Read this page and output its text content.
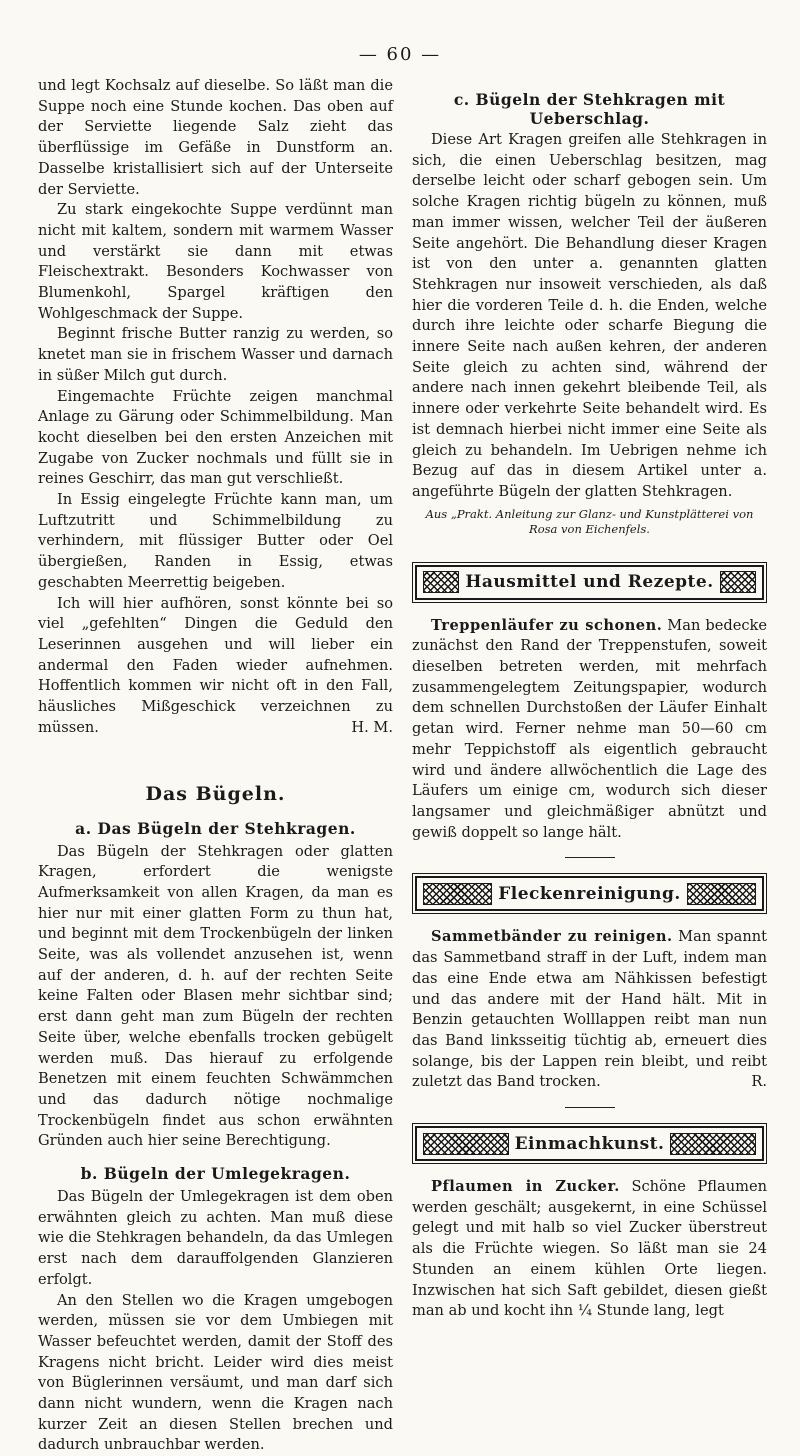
— 60 —

und legt Kochsalz auf dieselbe. So läßt man die Suppe noch eine Stunde kochen. Das oben auf der Serviette liegende Salz zieht das überflüssige im Gefäße in Dunstform an. Dasselbe kristallisiert sich auf der Unterseite der Serviette.

Zu stark eingekochte Suppe verdünnt man nicht mit kaltem, sondern mit warmem Wasser und verstärkt sie dann mit etwas Fleischextrakt. Besonders Kochwasser von Blumenkohl, Spargel kräftigen den Wohlgeschmack der Suppe.

Beginnt frische Butter ranzig zu werden, so knetet man sie in frischem Wasser und darnach in süßer Milch gut durch.

Eingemachte Früchte zeigen manchmal Anlage zu Gärung oder Schimmelbildung. Man kocht dieselben bei den ersten Anzeichen mit Zugabe von Zucker nochmals und füllt sie in reines Geschirr, das man gut verschließt.

In Essig eingelegte Früchte kann man, um Luftzutritt und Schimmelbildung zu verhindern, mit flüssiger Butter oder Oel übergießen, Randen in Essig, etwas geschabten Meerrettig beigeben.

Ich will hier aufhören, sonst könnte bei so viel „gefehlten“ Dingen die Geduld den Leserinnen ausgehen und will lieber ein andermal den Faden wieder aufnehmen. Hoffentlich kommen wir nicht oft in den Fall, häusliches Mißgeschick verzeichnen zu müssen.	H. M.

Das Bügeln.
a. Das Bügeln der Stehkragen.

Das Bügeln der Stehkragen oder glatten Kragen, erfordert die wenigste Aufmerksamkeit von allen Kragen, da man es hier nur mit einer glatten Form zu thun hat, und beginnt mit dem Trockenbügeln der linken Seite, was als vollendet anzusehen ist, wenn auf der anderen, d. h. auf der rechten Seite keine Falten oder Blasen mehr sichtbar sind; erst dann geht man zum Bügeln der rechten Seite über, welche ebenfalls trocken gebügelt werden muß. Das hierauf zu erfolgende Benetzen mit einem feuchten Schwämmchen und das dadurch nötige nochmalige Trockenbügeln findet aus schon erwähnten Gründen auch hier seine Berechtigung.

b. Bügeln der Umlegekragen.

Das Bügeln der Umlegekragen ist dem oben erwähnten gleich zu achten. Man muß diese wie die Stehkragen behandeln, da das Umlegen erst nach dem darauffolgenden Glanzieren erfolgt.

An den Stellen wo die Kragen umgebogen werden, müssen sie vor dem Umbiegen mit Wasser befeuchtet werden, damit der Stoff des Kragens nicht bricht. Leider wird dies meist von Büglerinnen versäumt, und man darf sich dann nicht wundern, wenn die Kragen nach kurzer Zeit an diesen Stellen brechen und dadurch unbrauchbar werden.

c. Bügeln der Stehkragen mit Ueberschlag.

Diese Art Kragen greifen alle Stehkragen in sich, die einen Ueberschlag besitzen, mag derselbe leicht oder scharf gebogen sein. Um solche Kragen richtig bügeln zu können, muß man immer wissen, welcher Teil der äußeren Seite angehört. Die Behandlung dieser Kragen ist von den unter a. genannten glatten Stehkragen nur insoweit verschieden, als daß hier die vorderen Teile d. h. die Enden, welche durch ihre leichte oder scharfe Biegung die innere Seite nach außen kehren, der anderen Seite gleich zu achten sind, während der andere nach innen gekehrt bleibende Teil, als innere oder verkehrte Seite behandelt wird. Es ist demnach hierbei nicht immer eine Seite als gleich zu behandeln. Im Uebrigen nehme ich Bezug auf das in diesem Artikel unter a. angeführte Bügeln der glatten Stehkragen.

Aus „Prakt. Anleitung zur Glanz- und Kunstplätterei von Rosa von Eichenfels.
Hausmittel und Rezepte.

Treppenläufer zu schonen. Man bedecke zunächst den Rand der Treppenstufen, soweit dieselben betreten werden, mit mehrfach zusammengelegtem Zeitungspapier, wodurch dem schnellen Durchstoßen der Läufer Einhalt getan wird. Ferner nehme man 50—60 cm mehr Teppichstoff als eigentlich gebraucht wird und ändere allwöchentlich die Lage des Läufers um einige cm, wodurch sich dieser langsamer und gleichmäßiger abnützt und gewiß doppelt so lange hält.

Fleckenreinigung.

Sammetbänder zu reinigen. Man spannt das Sammetband straff in der Luft, indem man das eine Ende etwa am Nähkissen befestigt und das andere mit der Hand hält. Mit in Benzin getauchten Wolllappen reibt man nun das Band linksseitig tüchtig ab, erneuert dies solange, bis der Lappen rein bleibt, und reibt zuletzt das Band trocken.	R.

Einmachkunst.

Pflaumen in Zucker. Schöne Pflaumen werden geschält; ausgekernt, in eine Schüssel gelegt und mit halb so viel Zucker überstreut als die Früchte wiegen. So läßt man sie 24 Stunden an einem kühlen Orte liegen. Inzwischen hat sich Saft gebildet, diesen gießt man ab und kocht ihn ¼ Stunde lang, legt
